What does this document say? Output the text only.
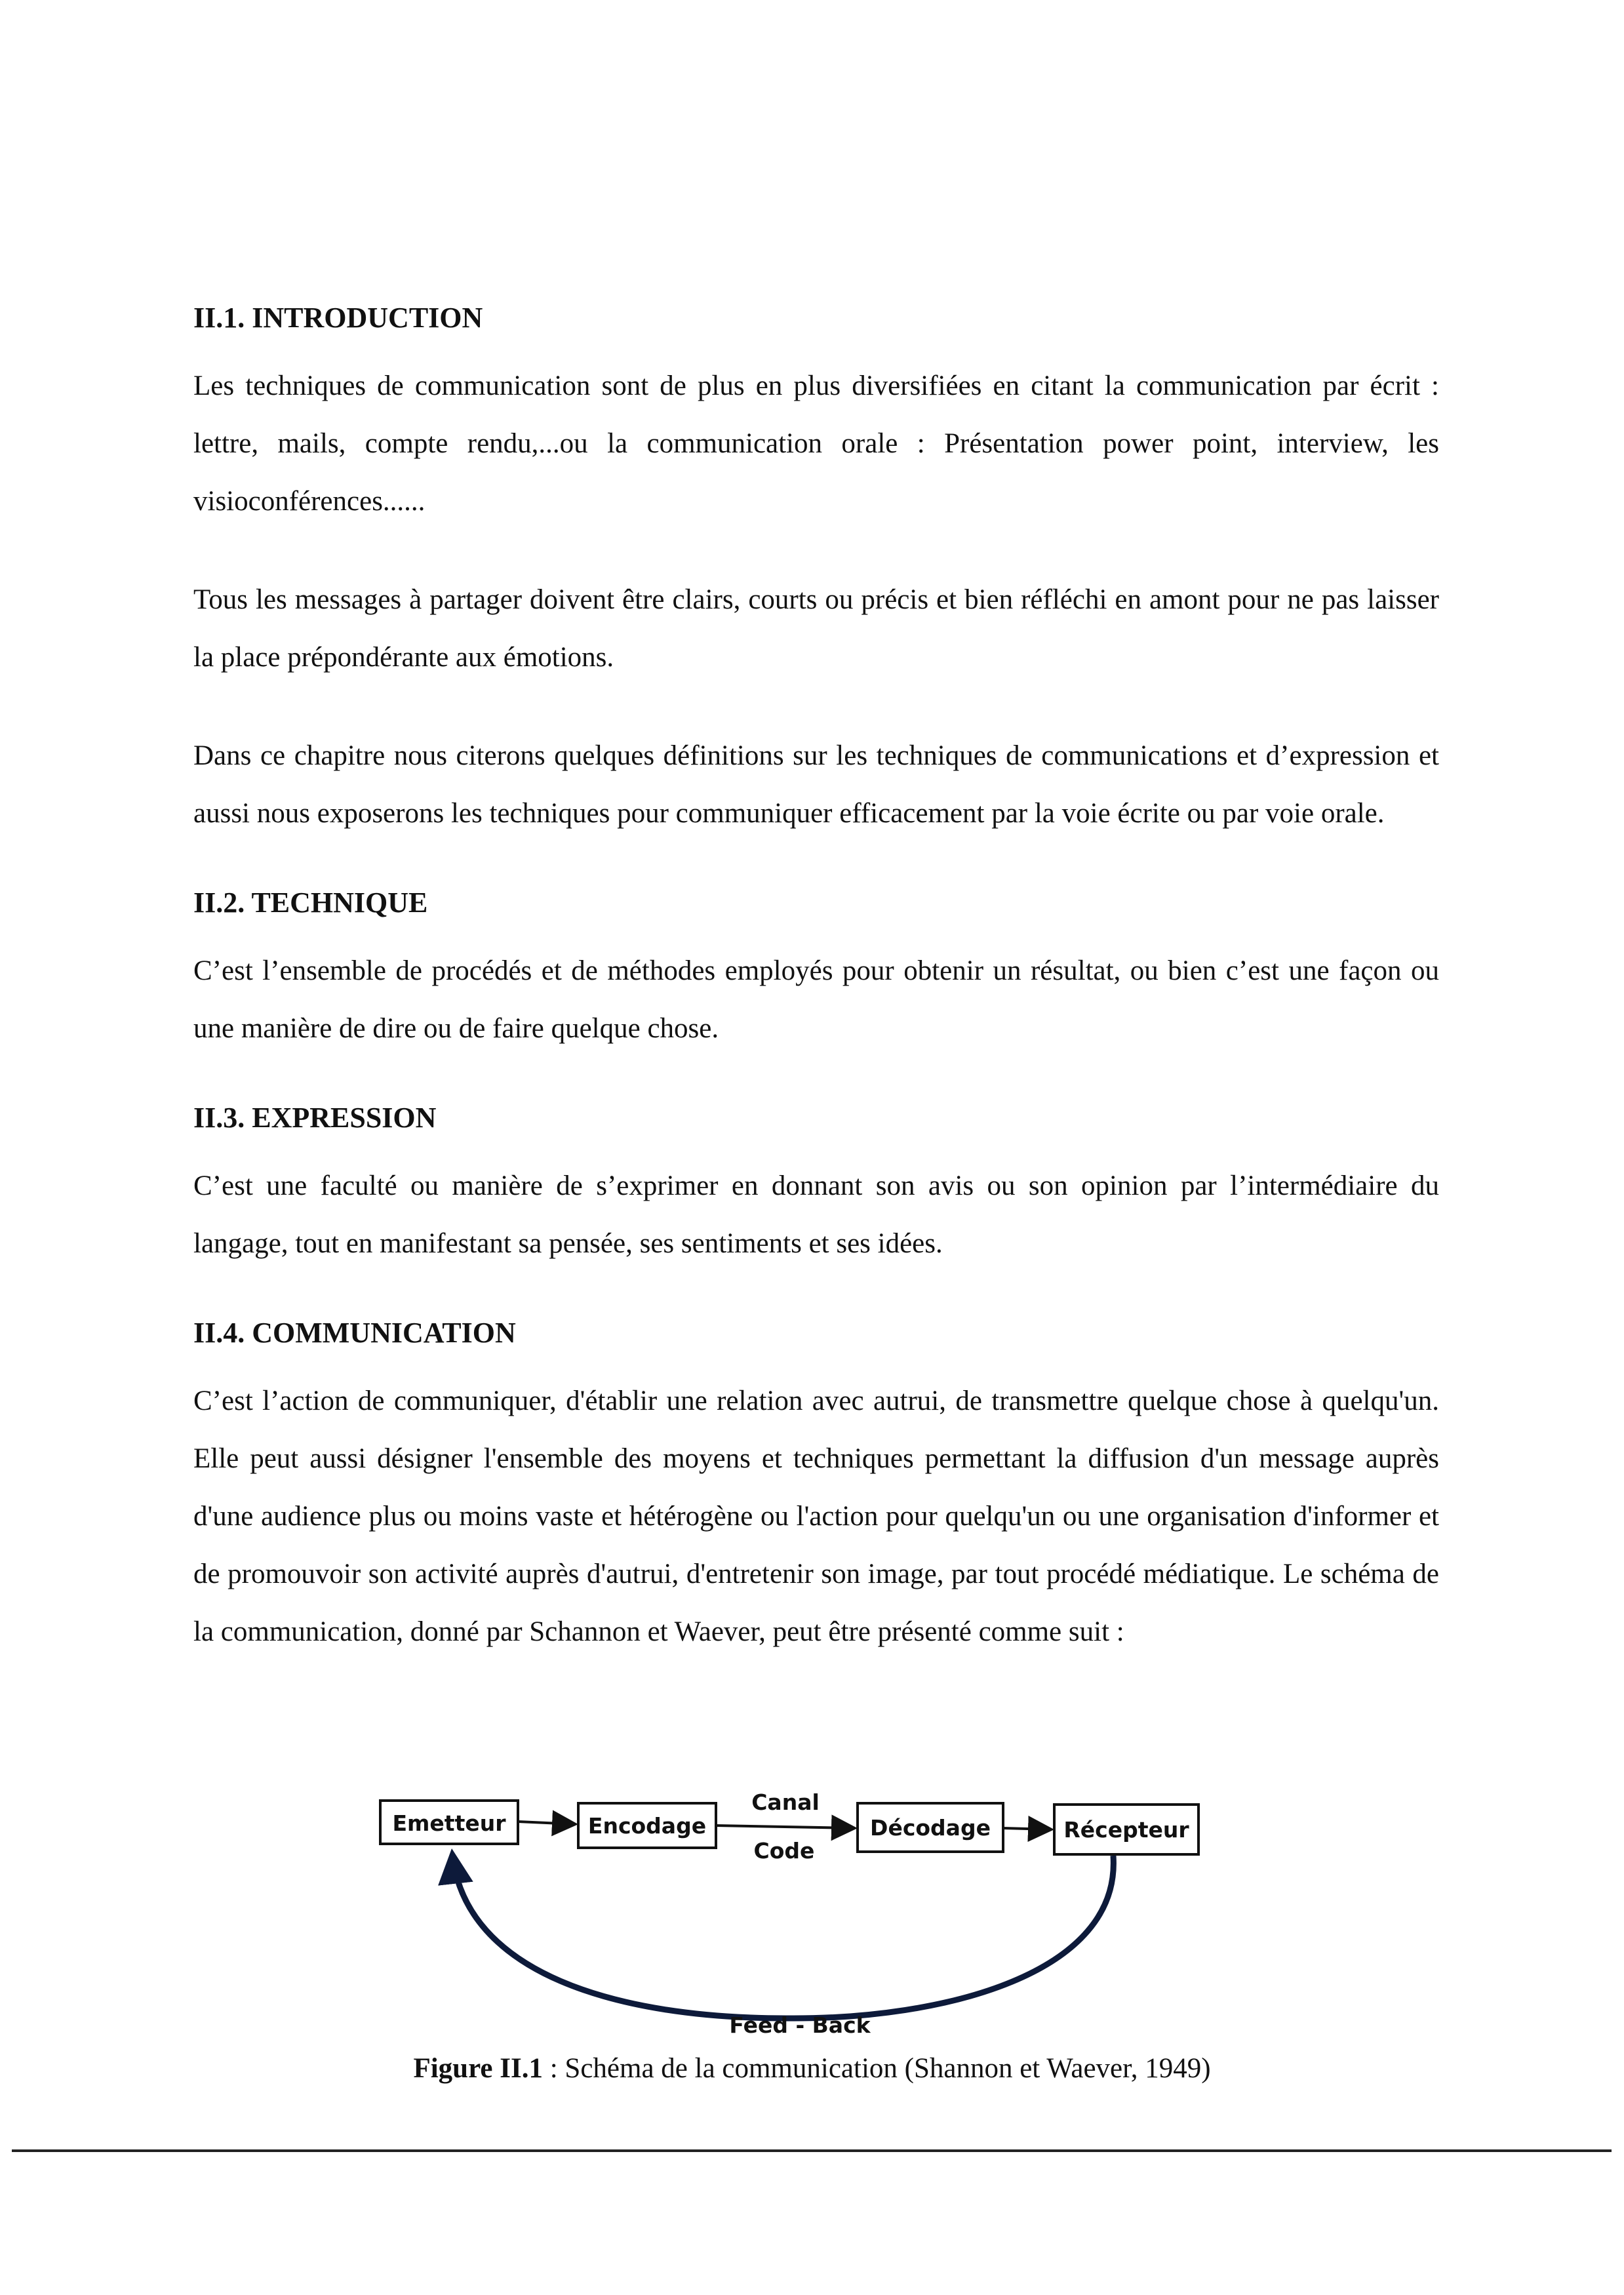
II.1. INTRODUCTION

Les techniques de communication sont de plus en plus diversifiées en citant la communication par écrit : lettre, mails, compte rendu,...ou la communication orale : Présentation power point, interview, les visioconférences......

Tous les messages à partager doivent être clairs, courts ou précis et bien réfléchi en amont pour ne pas laisser la place prépondérante aux émotions.

Dans ce chapitre nous citerons quelques définitions sur les techniques de communications et d’expression et aussi nous exposerons les techniques pour communiquer efficacement par la voie écrite ou par voie orale.

II.2. TECHNIQUE

C’est l’ensemble de procédés et de méthodes employés pour obtenir un résultat, ou bien c’est une façon ou une manière de dire ou de faire quelque chose.

II.3. EXPRESSION

C’est une faculté ou manière de s’exprimer en donnant son avis ou son opinion par l’intermédiaire du langage, tout en manifestant sa pensée, ses sentiments et ses idées.

II.4. COMMUNICATION

C’est l’action de communiquer, d'établir une relation avec autrui, de transmettre quelque chose à quelqu'un. Elle peut aussi désigner l'ensemble des moyens et techniques permettant la diffusion d'un message auprès d'une audience plus ou moins vaste et hétérogène ou l'action pour quelqu'un ou une organisation d'informer et de promouvoir son activité auprès d'autrui, d'entretenir son image, par tout procédé médiatique. Le schéma de la communication, donné par Schannon et Waever, peut être présenté comme suit :

Emetteur	Encodage	Décodage	Récepteur
Canal
Code
Feed - Back
Figure II.1 : Schéma de la communication (Shannon et Waever, 1949)
